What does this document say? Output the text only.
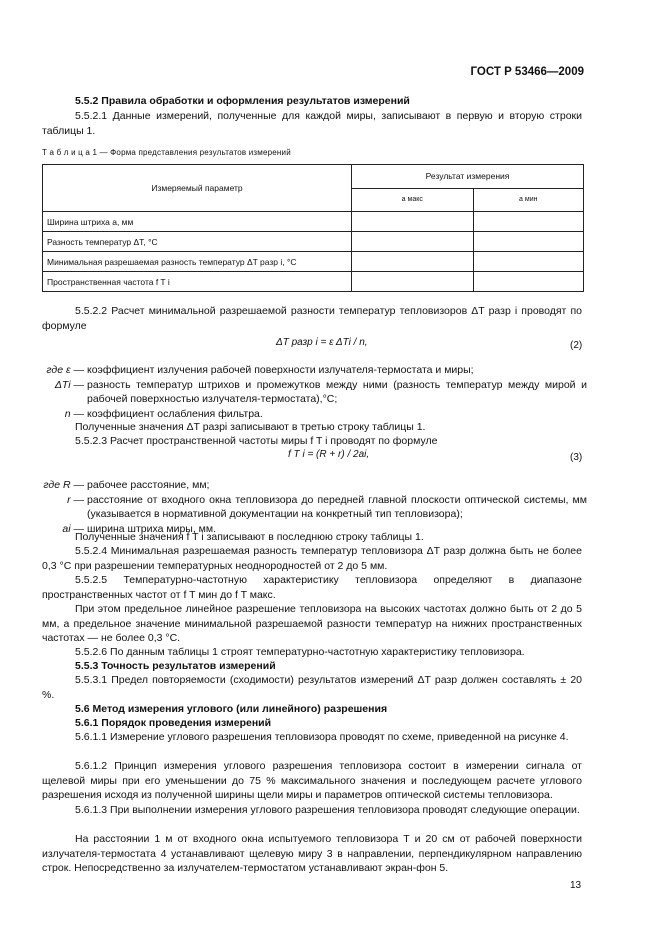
ГОСТ Р 53466—2009

5.5.2 Правила обработки и оформления результатов измерений

5.5.2.1 Данные измерений, полученные для каждой миры, записывают в первую и вторую строки таблицы 1.

Т а б л и ц а 1 — Форма представления результатов измерений
Измеряемый параметр	Результат измерения	
	a макс	a мин
Ширина штриха a, мм		
Разность температур ΔT, °C		
Минимальная разрешаемая разность температур ΔT разр i, °C		
Пространственная частота f T i		

5.5.2.2 Расчет минимальной разрешаемой разности температур тепловизоров ΔT разр i проводят по формуле

ΔT разр i = ε ΔTi / n,	(2)
где ε — коэффициент излучения рабочей поверхности излучателя-термостата и миры;
ΔTi — разность температур штрихов и промежутков между ними (разность температур между мирой и рабочей поверхностью излучателя-термостата),°C;
n — коэффициент ослабления фильтра.

Полученные значения ΔT разрi записывают в третью строку таблицы 1.

5.5.2.3 Расчет пространственной частоты миры f T i проводят по формуле

f T i = (R + r) / 2ai,	(3)
где R — рабочее расстояние, мм;
r — расстояние от входного окна тепловизора до передней главной плоскости оптической системы, мм (указывается в нормативной документации на конкретный тип тепловизора);
ai — ширина штриха миры, мм.

Полученные значения f T i записывают в последнюю строку таблицы 1.

5.5.2.4 Минимальная разрешаемая разность температур тепловизора ΔT разр должна быть не более 0,3 °C при разрешении температурных неоднородностей от 2 до 5 мм.

5.5.2.5 Температурно-частотную характеристику тепловизора определяют в диапазоне пространственных частот от f T мин до f T макс.

При этом предельное линейное разрешение тепловизора на высоких частотах должно быть от 2 до 5 мм, а предельное значение минимальной разрешаемой разности температур на нижних пространственных частотах — не более 0,3 °C.

5.5.2.6 По данным таблицы 1 строят температурно-частотную характеристику тепловизора.

5.5.3 Точность результатов измерений

5.5.3.1 Предел повторяемости (сходимости) результатов измерений ΔT разр должен составлять ± 20 %.

5.6 Метод измерения углового (или линейного) разрешения

5.6.1 Порядок проведения измерений

5.6.1.1 Измерение углового разрешения тепловизора проводят по схеме, приведенной на рисунке 4.

5.6.1.2 Принцип измерения углового разрешения тепловизора состоит в измерении сигнала от щелевой миры при его уменьшении до 75 % максимального значения и последующем расчете углового разрешения исходя из полученной ширины щели миры и параметров оптической системы тепловизора.

5.6.1.3 При выполнении измерения углового разрешения тепловизора проводят следующие операции.

На расстоянии 1 м от входного окна испытуемого тепловизора Т и 20 см от рабочей поверхности излучателя-термостата 4 устанавливают щелевую миру 3 в направлении, перпендикулярном направлению строк. Непосредственно за излучателем-термостатом устанавливают экран-фон 5.

13
